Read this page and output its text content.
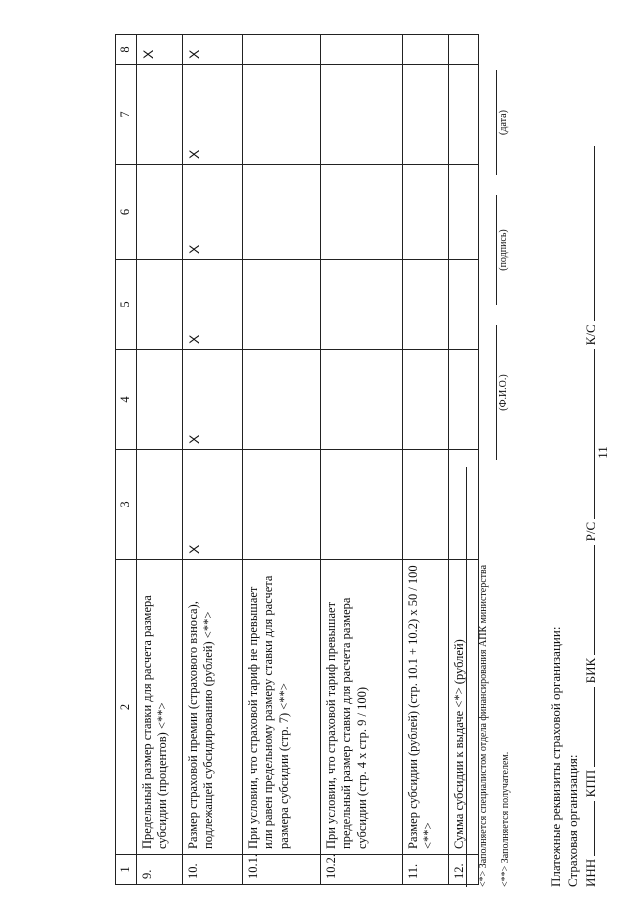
11
1	2	3	4	5	6	7	8
9.	Предельный размер ставки для расчета размера субсидии (процентов) <**>						X
10.	Размер страховой премии (страхового взноса), подлежащей субсидированию (рублей) <**>	X	X	X	X	X	X
10.1.	При условии, что страховой тариф не превышает или равен предельному размеру ставки для расчета размера субсидии (стр. 7) <**>						
10.2.	При условии, что страховой тариф превышает предельный размер ставки для расчета размера субсидии (стр. 4 х стр. 9 / 100)						
11.	Размер субсидии (рублей) (стр. 10.1 + 10.2) х 50 / 100 <**>						
12.	Сумма субсидии к выдаче <*> (рублей)						<*> Заполняется специалистом отдела финансирования АПК министерства <**> Заполняется получателем.
(Ф.И.О.)
(подпись)
(дата)
Платежные реквизиты страховой организации: Страховая организация: ИНН  КПП  БИК  Р/С  К/С
